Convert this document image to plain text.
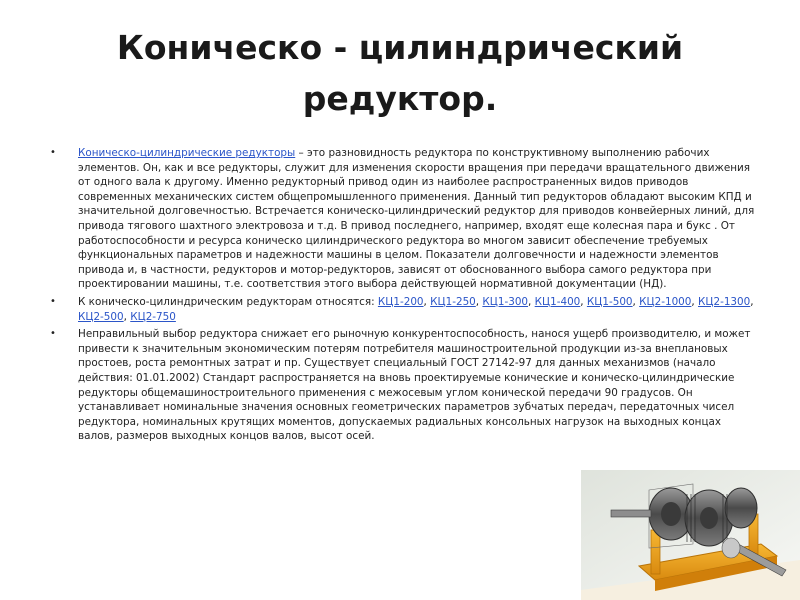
Коническо - цилиндрический редуктор.
• Коническо-цилиндрические редукторы – это разновидность редуктора по конструктивному выполнению рабочих элементов. Он, как и все редукторы, служит для изменения скорости вращения при передачи вращательного движения от одного вала к другому. Именно редукторный привод один из наиболее распространенных видов приводов современных механических систем общепромышленного применения. Данный тип редукторов обладают высоким КПД и значительной долговечностью. Встречается коническо-цилиндрический редуктор для приводов конвейерных линий, для привода тягового шахтного электровоза и т.д. В привод последнего, например, входят еще колесная пара и букс . От работоспособности и ресурса коническо цилиндрического редуктора во многом зависит обеспечение требуемых функциональных параметров и надежности машины в целом. Показатели долговечности и надежности элементов привода и, в частности, редукторов и мотор-редукторов, зависят от обоснованного выбора самого редуктора при проектировании машины, т.е. соответствия этого выбора действующей нормативной документации (НД).
• К коническо-цилиндрическим редукторам относятся: КЦ1-200, КЦ1-250, КЦ1-300, КЦ1-400, КЦ1-500, КЦ2-1000, КЦ2-1300, КЦ2-500, КЦ2-750
• Неправильный выбор редуктора снижает его рыночную конкурентоспособность, нанося ущерб производителю, и может привести к значительным экономическим потерям потребителя машиностроительной продукции из-за внеплановых простоев, роста ремонтных затрат и пр. Существует специальный ГОСТ 27142-97 для данных механизмов (начало действия: 01.01.2002) Стандарт распространяется на вновь проектируемые конические и коническо-цилиндрические редукторы общемашиностроительного применения с межосевым углом конической передачи 90 градусов. Он устанавливает номинальные значения основных геометрических параметров зубчатых передач, передаточных чисел редуктора, номинальных крутящих моментов, допускаемых радиальных консольных нагрузок на выходных концах валов, размеров выходных концов валов, высот осей.
